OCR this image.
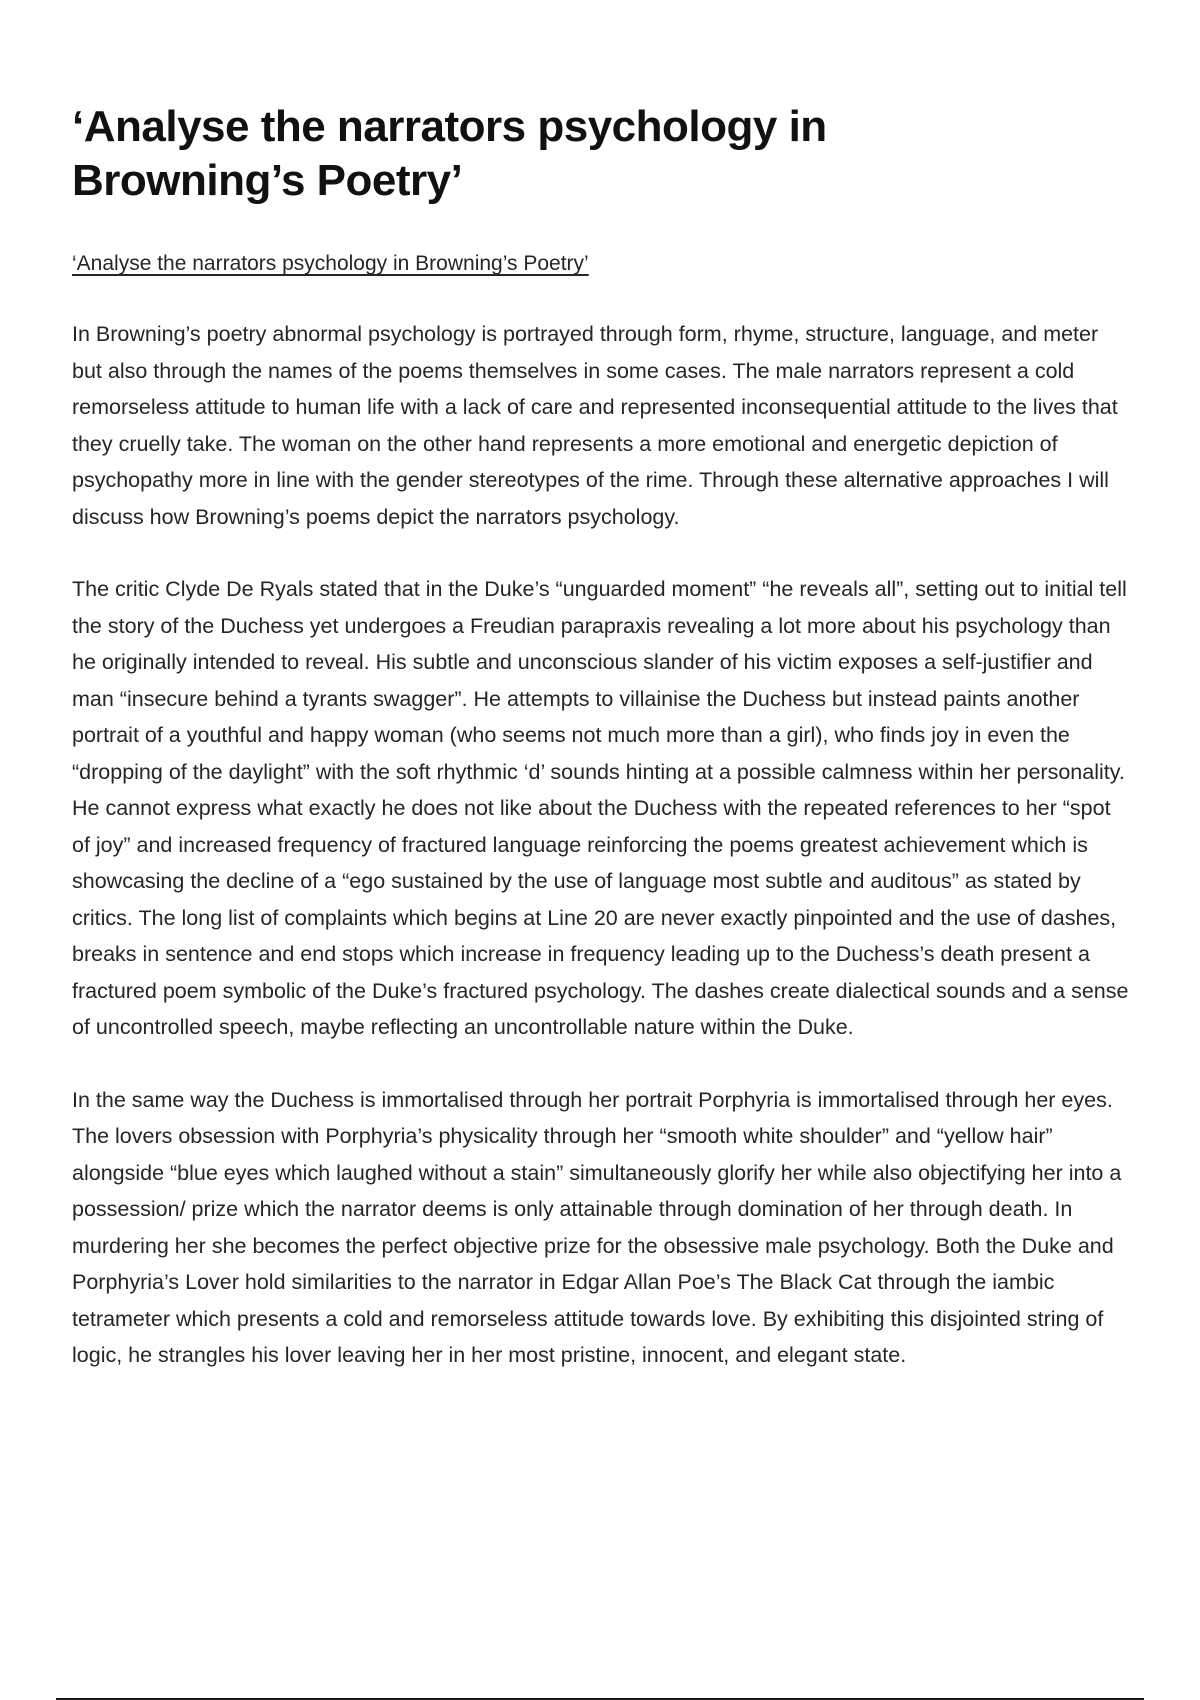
‘Analyse the narrators psychology in Browning’s Poetry’
‘Analyse the narrators psychology in Browning’s Poetry’

In Browning’s poetry abnormal psychology is portrayed through form, rhyme, structure, language, and meter but also through the names of the poems themselves in some cases. The male narrators represent a cold remorseless attitude to human life with a lack of care and represented inconsequential attitude to the lives that they cruelly take. The woman on the other hand represents a more emotional and energetic depiction of psychopathy more in line with the gender stereotypes of the rime. Through these alternative approaches I will discuss how Browning’s poems depict the narrators psychology.

The critic Clyde De Ryals stated that in the Duke’s “unguarded moment” “he reveals all”, setting out to initial tell the story of the Duchess yet undergoes a Freudian parapraxis revealing a lot more about his psychology than he originally intended to reveal. His subtle and unconscious slander of his victim exposes a self-justifier and man “insecure behind a tyrants swagger”. He attempts to villainise the Duchess but instead paints another portrait of a youthful and happy woman (who seems not much more than a girl), who finds joy in even the “dropping of the daylight” with the soft rhythmic ‘d’ sounds hinting at a possible calmness within her personality. He cannot express what exactly he does not like about the Duchess with the repeated references to her “spot of joy” and increased frequency of fractured language reinforcing the poems greatest achievement which is showcasing the decline of a “ego sustained by the use of language most subtle and auditous” as stated by critics. The long list of complaints which begins at Line 20 are never exactly pinpointed and the use of dashes, breaks in sentence and end stops which increase in frequency leading up to the Duchess’s death present a fractured poem symbolic of the Duke’s fractured psychology. The dashes create dialectical sounds and a sense of uncontrolled speech, maybe reflecting an uncontrollable nature within the Duke.

In the same way the Duchess is immortalised through her portrait Porphyria is immortalised through her eyes. The lovers obsession with Porphyria’s physicality through her “smooth white shoulder” and “yellow hair” alongside “blue eyes which laughed without a stain” simultaneously glorify her while also objectifying her into a possession/ prize which the narrator deems is only attainable through domination of her through death. In murdering her she becomes the perfect objective prize for the obsessive male psychology. Both the Duke and Porphyria’s Lover hold similarities to the narrator in Edgar Allan Poe’s The Black Cat through the iambic tetrameter which presents a cold and remorseless attitude towards love. By exhibiting this disjointed string of logic, he strangles his lover leaving her in her most pristine, innocent, and elegant state.
